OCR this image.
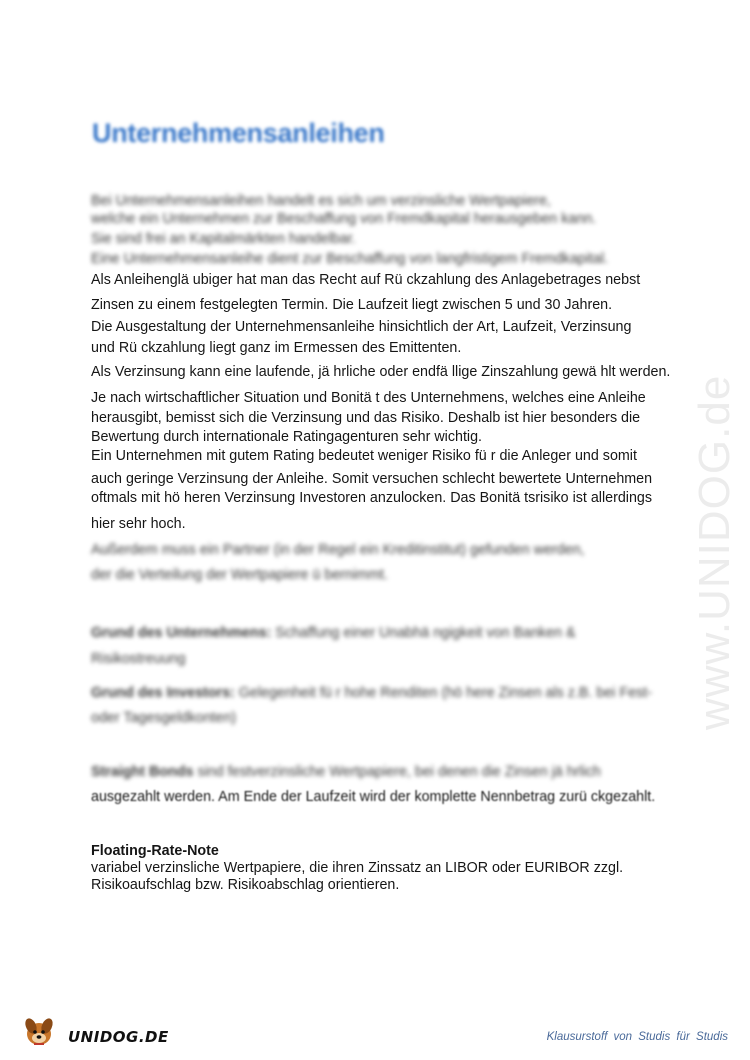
www.UNIDOG.de
Unternehmensanleihen

Bei Unternehmensanleihen handelt es sich um verzinsliche Wertpapiere,

welche ein Unternehmen zur Beschaffung von Fremdkapital herausgeben kann.

Sie sind frei an Kapitalmärkten handelbar.

Eine Unternehmensanleihe dient zur Beschaffung von langfristigem Fremdkapital.

Als Anleihenglä ubiger hat man das Recht auf Rü ckzahlung des Anlagebetrages nebst

Zinsen zu einem festgelegten Termin. Die Laufzeit liegt zwischen 5 und 30 Jahren.

Die Ausgestaltung der Unternehmensanleihe hinsichtlich der Art, Laufzeit, Verzinsung

und Rü ckzahlung liegt ganz im Ermessen des Emittenten.

Als Verzinsung kann eine laufende, jä hrliche oder endfä llige Zinszahlung gewä hlt werden.

Je nach wirtschaftlicher Situation und Bonitä t des Unternehmens, welches eine Anleihe

herausgibt, bemisst sich die Verzinsung und das Risiko. Deshalb ist hier besonders die

Bewertung durch internationale Ratingagenturen sehr wichtig.

Ein Unternehmen mit gutem Rating bedeutet weniger Risiko fü r die Anleger und somit

auch geringe Verzinsung der Anleihe. Somit versuchen schlecht bewertete Unternehmen

oftmals mit hö heren Verzinsung Investoren anzulocken. Das Bonitä tsrisiko ist allerdings

hier sehr hoch.

Außerdem muss ein Partner (in der Regel ein Kreditinstitut) gefunden werden,

der die Verteilung der Wertpapiere ü bernimmt.

Grund des Unternehmens: Schaffung einer Unabhä ngigkeit von Banken &

Risikostreuung

Grund des Investors: Gelegenheit fü r hohe Renditen (hö here Zinsen als z.B. bei Fest-

oder Tagesgeldkonten)

Straight Bonds sind festverzinsliche Wertpapiere, bei denen die Zinsen jä hrlich

ausgezahlt werden. Am Ende der Laufzeit wird der komplette Nennbetrag zurü ckgezahlt.

Floating-Rate-Note

variabel verzinsliche Wertpapiere, die ihren Zinssatz an LIBOR oder EURIBOR zzgl.

Risikoaufschlag bzw. Risikoabschlag orientieren.

UNIDOG.DE	Klausurstoff von Studis für Studis
